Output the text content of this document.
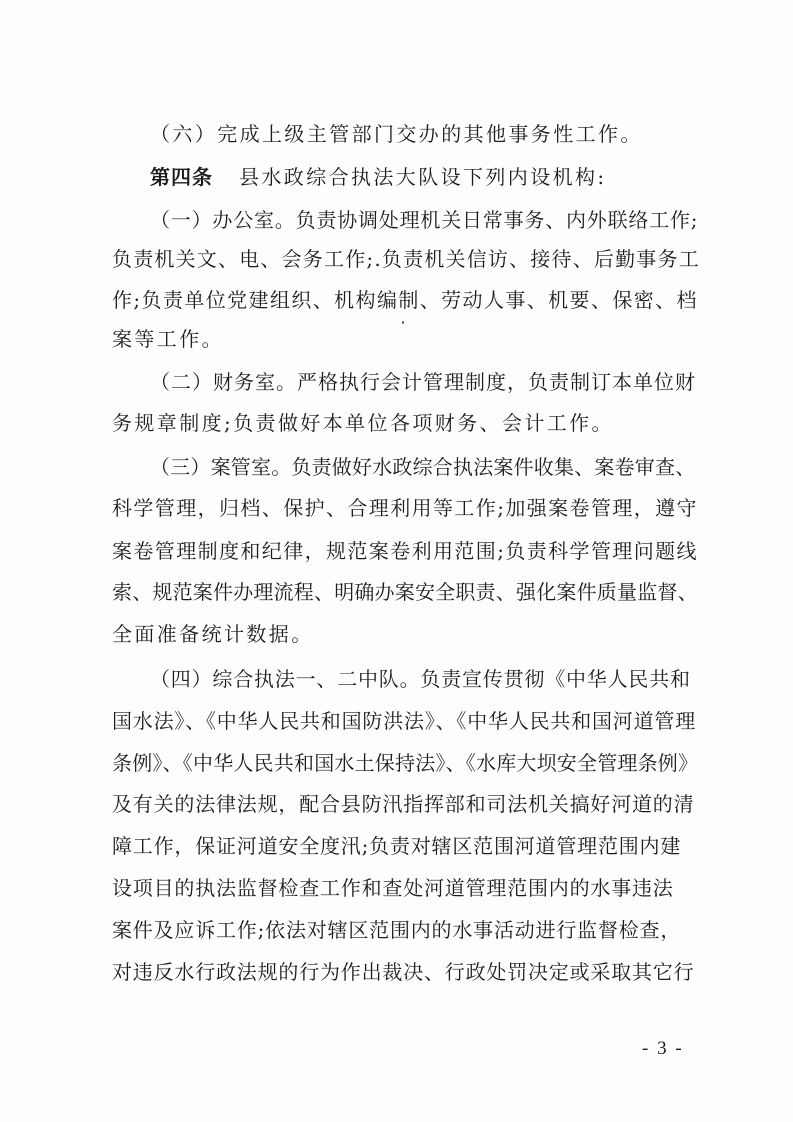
（六）完成上级主管部门交办的其他事务性工作。
第四条 县水政综合执法大队设下列内设机构:
（一）办公室。负责协调处理机关日常事务、内外联络工作;
负责机关文、电、会务工作;.负责机关信访、接待、后勤事务工
作;负责单位党建组织、机构编制、劳动人事、机要、保密、档
案等工作。
（二）财务室。严格执行会计管理制度，负责制订本单位财
务规章制度;负责做好本单位各项财务、会计工作。
（三）案管室。负责做好水政综合执法案件收集、案卷审查、
科学管理，归档、保护、合理利用等工作;加强案卷管理，遵守
案卷管理制度和纪律，规范案卷利用范围;负责科学管理问题线
索、规范案件办理流程、明确办案安全职责、强化案件质量监督、
全面准备统计数据。
（四）综合执法一、二中队。负责宣传贯彻《中华人民共和
国水法》、《中华人民共和国防洪法》、《中华人民共和国河道管理
条例》、《中华人民共和国水土保持法》、《水库大坝安全管理条例》
及有关的法律法规，配合县防汛指挥部和司法机关搞好河道的清
障工作，保证河道安全度汛;负责对辖区范围河道管理范围内建
设项目的执法监督检查工作和查处河道管理范围内的水事违法
案件及应诉工作;依法对辖区范围内的水事活动进行监督检查，
对违反水行政法规的行为作出裁决、行政处罚决定或采取其它行
- 3 -
